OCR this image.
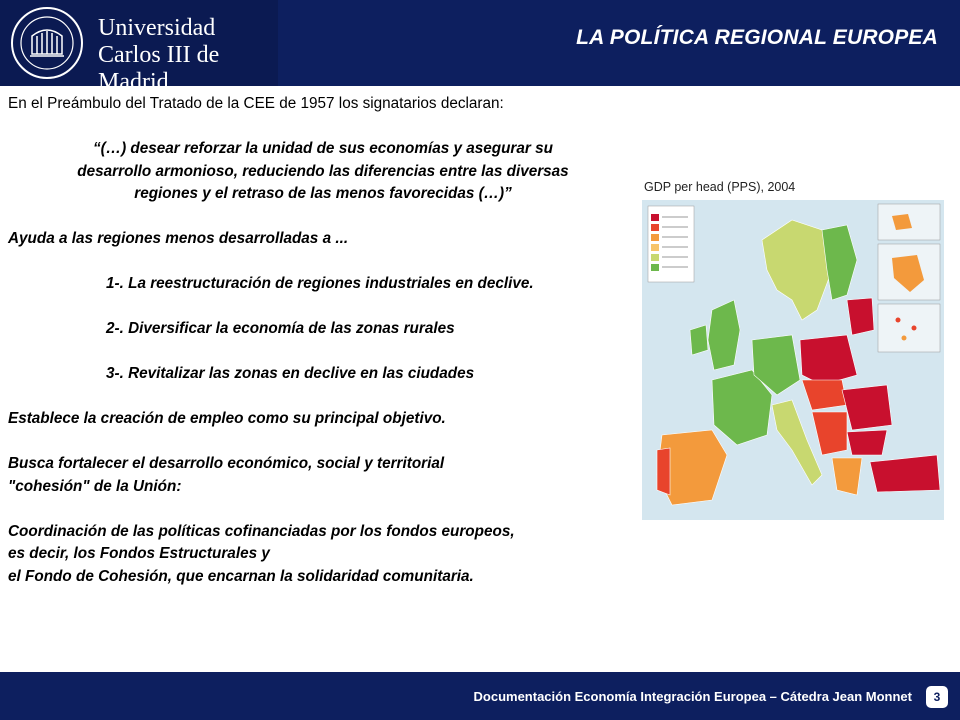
Universidad
Carlos III de Madrid
LA POLÍTICA REGIONAL EUROPEA
En el Preámbulo del Tratado de la CEE de 1957 los signatarios declaran:
“(…) desear reforzar la unidad de sus economías y asegurar su
desarrollo armonioso, reduciendo las diferencias entre las diversas
regiones y el retraso de las menos favorecidas (…)”
Ayuda a las regiones menos desarrolladas a ...
1-. La reestructuración de regiones industriales en declive.
2-. Diversificar la economía de las zonas rurales
3-. Revitalizar las zonas en declive en las ciudades
Establece la creación de empleo como su principal objetivo.
Busca fortalecer el desarrollo económico, social y territorial
"cohesión" de la Unión:
Coordinación de las políticas cofinanciadas por los fondos europeos,
es decir, los Fondos Estructurales y
el Fondo de Cohesión, que encarnan la solidaridad comunitaria.
GDP per head (PPS), 2004
Documentación Economía Integración Europea – Cátedra Jean Monnet	3
